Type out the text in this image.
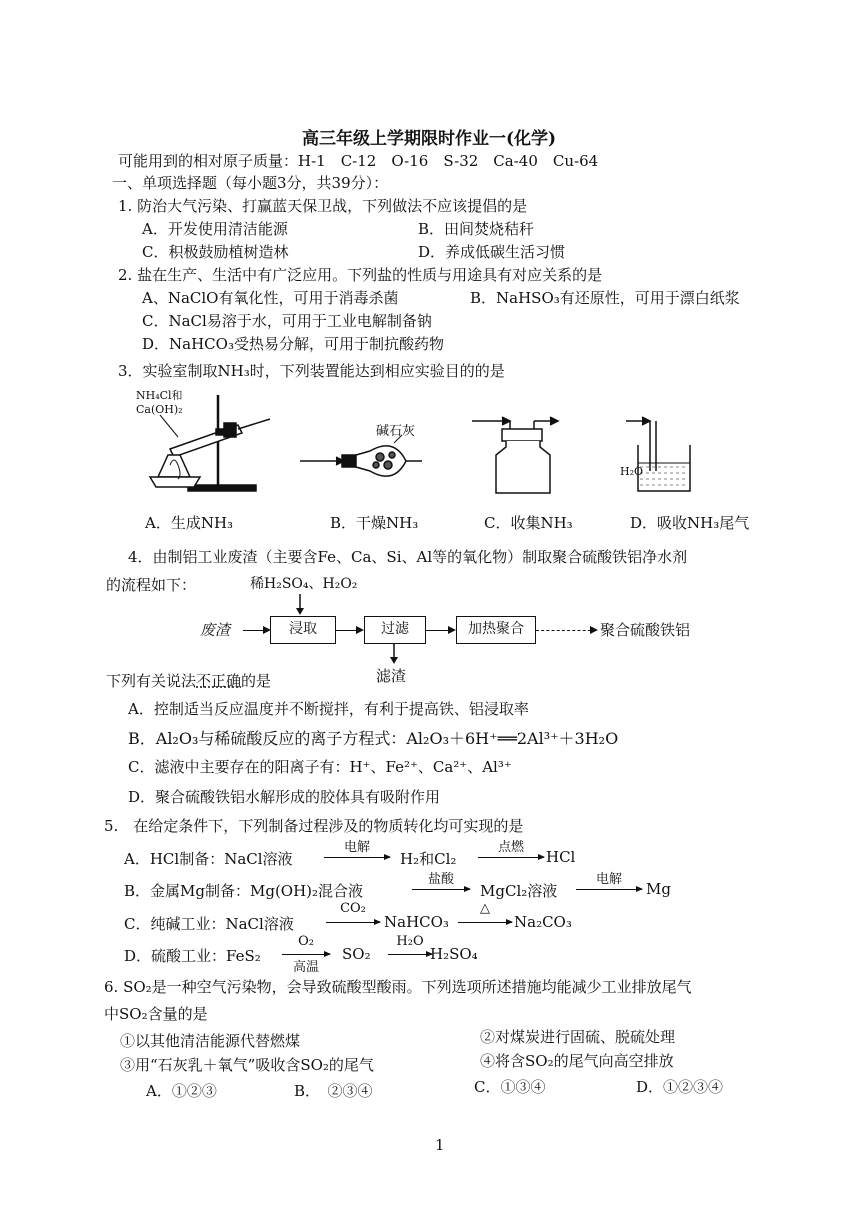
高三年级上学期限时作业一(化学)
可能用到的相对原子质量：H-1　C-12　O-16　S-32　Ca-40　Cu-64
一、单项选择题（每小题3分，共39分）：
1. 防治大气污染、打赢蓝天保卫战，下列做法不应该提倡的是
A．开发使用清洁能源	B．田间焚烧秸秆
C．积极鼓励植树造林	D．养成低碳生活习惯
2. 盐在生产、生活中有广泛应用。下列盐的性质与用途具有对应关系的是
A、NaClO有氧化性，可用于消毒杀菌	B．NaHSO₃有还原性，可用于漂白纸浆
C．NaCl易溶于水，可用于工业电解制备钠
D．NaHCO₃受热易分解，可用于制抗酸药物
3．实验室制取NH₃时，下列装置能达到相应实验目的的是
NH₄Cl和
Ca(OH)₂
碱石灰
H₂O
A．生成NH₃	B．干燥NH₃	C．收集NH₃	D．吸收NH₃尾气
4．由制铝工业废渣（主要含Fe、Ca、Si、Al等的氧化物）制取聚合硫酸铁铝净水剂
的流程如下：	稀H₂SO₄、H₂O₂
废渣	浸取	过滤	加热聚合	聚合硫酸铁铝
滤渣
下列有关说法不正确的是
A．控制适当反应温度并不断搅拌，有利于提高铁、铝浸取率
B．Al₂O₃与稀硫酸反应的离子方程式：Al₂O₃＋6H⁺══2Al³⁺＋3H₂O
C．滤液中主要存在的阳离子有：H⁺、Fe²⁺、Ca²⁺、Al³⁺
D．聚合硫酸铁铝水解形成的胶体具有吸附作用
5.　在给定条件下，下列制备过程涉及的物质转化均可实现的是
A．HCl制备：NaCl溶液
电解
H₂和Cl₂
点燃
HCl
B．金属Mg制备：Mg(OH)₂混合液
盐酸
MgCl₂溶液
电解
Mg
C．纯碱工业：NaCl溶液
CO₂
NaHCO₃
△
Na₂CO₃
D．硫酸工业：FeS₂
O₂
高温
SO₂
H₂O
H₂SO₄
6. SO₂是一种空气污染物，会导致硫酸型酸雨。下列选项所述措施均能减少工业排放尾气
中SO₂含量的是
①以其他清洁能源代替燃煤	②对煤炭进行固硫、脱硫处理
③用“石灰乳＋氧气”吸收含SO₂的尾气	④将含SO₂的尾气向高空排放
A．①②③	B．　②③④	C．①③④	D．①②③④
1
